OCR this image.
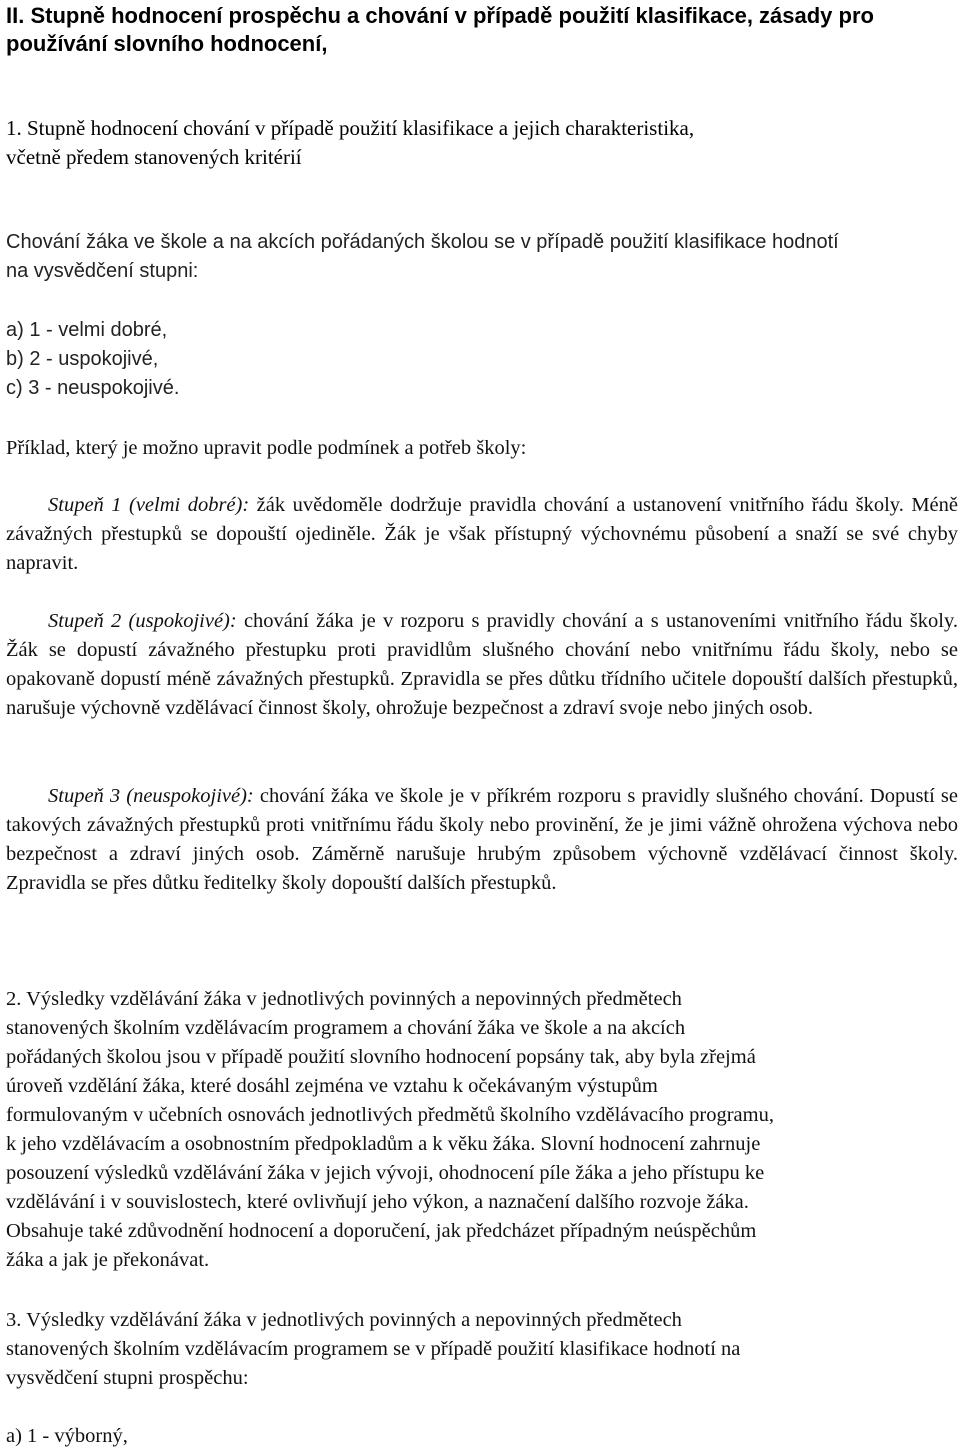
II. Stupně hodnocení prospěchu a chování v případě použití klasifikace, zásady pro

používání slovního hodnocení,

1. Stupně hodnocení chování v případě použití klasifikace a jejich charakteristika,

včetně předem stanovených kritérií

Chování žáka ve škole a na akcích pořádaných školou se v případě použití klasifikace hodnotí

na vysvědčení stupni:

a) 1 - velmi dobré,
b) 2 - uspokojivé,
c) 3 - neuspokojivé.

Příklad, který je možno upravit podle podmínek a potřeb školy:

Stupeň 1 (velmi dobré): žák uvědoměle dodržuje pravidla chování a ustanovení vnitřního řádu školy. Méně závažných přestupků se dopouští ojediněle. Žák je však přístupný výchovnému působení a snaží se své chyby napravit.

Stupeň 2 (uspokojivé): chování žáka je v rozporu s pravidly chování a s ustanoveními vnitřního řádu školy. Žák se dopustí závažného přestupku proti pravidlům slušného chování nebo vnitřnímu řádu školy, nebo se opakovaně dopustí méně závažných přestupků. Zpravidla se přes důtku třídního učitele dopouští dalších přestupků, narušuje výchovně vzdělávací činnost školy, ohrožuje bezpečnost a zdraví svoje nebo jiných osob.

Stupeň 3 (neuspokojivé): chování žáka ve škole je v příkrém rozporu s pravidly slušného chování. Dopustí se takových závažných přestupků proti vnitřnímu řádu školy nebo provinění, že je jimi vážně ohrožena výchova nebo bezpečnost a zdraví jiných osob. Záměrně narušuje hrubým způsobem výchovně vzdělávací činnost školy. Zpravidla se přes důtku ředitelky školy dopouští dalších přestupků.

2. Výsledky vzdělávání žáka v jednotlivých povinných a nepovinných předmětech
stanovených školním vzdělávacím programem a chování žáka ve škole a na akcích
pořádaných školou jsou v případě použití slovního hodnocení popsány tak, aby byla zřejmá
úroveň vzdělání žáka, které dosáhl zejména ve vztahu k očekávaným výstupům
formulovaným v učebních osnovách jednotlivých předmětů školního vzdělávacího programu,
k jeho vzdělávacím a osobnostním předpokladům a k věku žáka. Slovní hodnocení zahrnuje
posouzení výsledků vzdělávání žáka v jejich vývoji, ohodnocení píle žáka a jeho přístupu ke
vzdělávání i v souvislostech, které ovlivňují jeho výkon, a naznačení dalšího rozvoje žáka.
Obsahuje také zdůvodnění hodnocení a doporučení, jak předcházet případným neúspěchům
žáka a jak je překonávat.
3. Výsledky vzdělávání žáka v jednotlivých povinných a nepovinných předmětech
stanovených školním vzdělávacím programem se v případě použití klasifikace hodnotí na
vysvědčení stupni prospěchu:
a) 1 - výborný,
